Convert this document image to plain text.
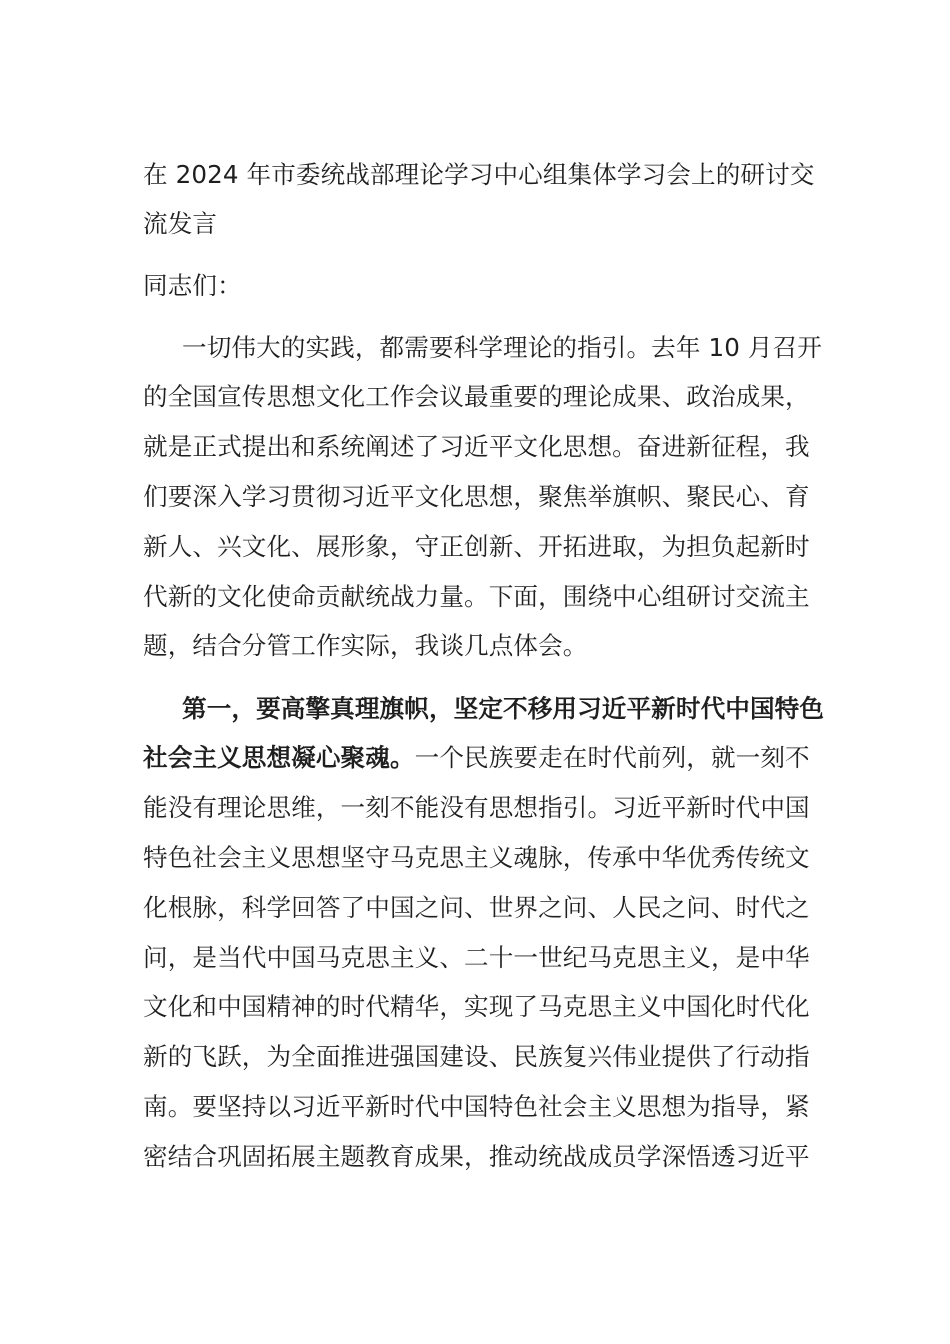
在 2024 年市委统战部理论学习中心组集体学习会上的研讨交
流发言
同志们：
一切伟大的实践，都需要科学理论的指引。去年 10 月召开
的全国宣传思想文化工作会议最重要的理论成果、政治成果，
就是正式提出和系统阐述了习近平文化思想。奋进新征程，我
们要深入学习贯彻习近平文化思想，聚焦举旗帜、聚民心、育
新人、兴文化、展形象，守正创新、开拓进取，为担负起新时
代新的文化使命贡献统战力量。下面，围绕中心组研讨交流主
题，结合分管工作实际，我谈几点体会。
第一，要高擎真理旗帜，坚定不移用习近平新时代中国特色
社会主义思想凝心聚魂。一个民族要走在时代前列，就一刻不
能没有理论思维，一刻不能没有思想指引。习近平新时代中国
特色社会主义思想坚守马克思主义魂脉，传承中华优秀传统文
化根脉，科学回答了中国之问、世界之问、人民之问、时代之
问，是当代中国马克思主义、二十一世纪马克思主义，是中华
文化和中国精神的时代精华，实现了马克思主义中国化时代化
新的飞跃，为全面推进强国建设、民族复兴伟业提供了行动指
南。要坚持以习近平新时代中国特色社会主义思想为指导，紧
密结合巩固拓展主题教育成果，推动统战成员学深悟透习近平
